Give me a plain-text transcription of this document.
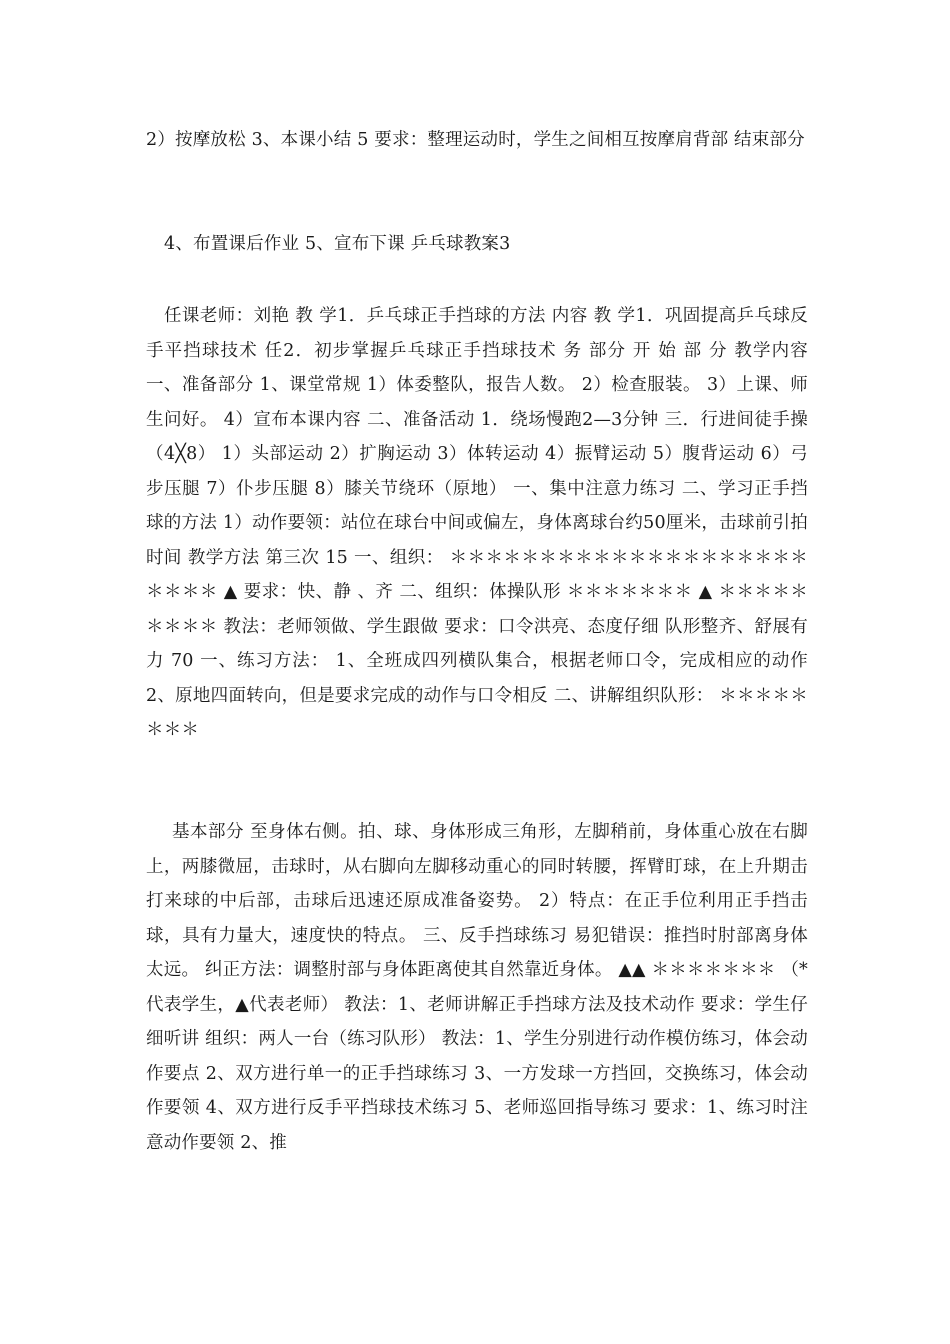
2）按摩放松 3、本课小结 5 要求：整理运动时，学生之间相互按摩肩背部 结束部分

4、布置课后作业 5、宣布下课 乒乓球教案3

任课老师：刘艳 教 学1．乒乓球正手挡球的方法 内容 教 学1．巩固提高乒乓球反手平挡球技术 任2．初步掌握乒乓球正手挡球技术 务 部分 开 始 部 分 教学内容 一、准备部分 1、课堂常规 1）体委整队，报告人数。 2）检查服装。 3）上课、师生问好。 4）宣布本课内容 二、准备活动 1．绕场慢跑2—3分钟 三．行进间徒手操（4╳8） 1）头部运动 2）扩胸运动 3）体转运动 4）振臂运动 5）腹背运动 6）弓步压腿 7）仆步压腿 8）膝关节绕环（原地） 一、集中注意力练习 二、学习正手挡球的方法 1）动作要领：站位在球台中间或偏左，身体离球台约50厘米，击球前引拍时间 教学方法 第三次 15 一、组织： ＊＊＊＊＊＊＊＊＊＊＊＊＊＊＊＊＊＊＊＊＊＊＊＊ ▲ 要求：快、静 、齐 二、组织：体操队形 ＊＊＊＊＊＊＊ ▲ ＊＊＊＊＊＊＊＊＊ 教法：老师领做、学生跟做 要求：口令洪亮、态度仔细 队形整齐、舒展有力 70 一、练习方法： 1、全班成四列横队集合，根据老师口令，完成相应的动作 2、原地四面转向，但是要求完成的动作与口令相反 二、讲解组织队形： ＊＊＊＊＊＊＊＊

基本部分 至身体右侧。拍、球、身体形成三角形，左脚稍前，身体重心放在右脚上，两膝微屈，击球时，从右脚向左脚移动重心的同时转腰，挥臂盯球，在上升期击打来球的中后部，击球后迅速还原成准备姿势。 2）特点：在正手位利用正手挡击球，具有力量大，速度快的特点。 三、反手挡球练习 易犯错误：推挡时肘部离身体太远。 纠正方法：调整肘部与身体距离使其自然靠近身体。 ▲▲ ＊＊＊＊＊＊＊ （*代表学生，▲代表老师） 教法：1、老师讲解正手挡球方法及技术动作 要求：学生仔细听讲 组织：两人一台（练习队形） 教法：1、学生分别进行动作模仿练习，体会动作要点 2、双方进行单一的正手挡球练习 3、一方发球一方挡回，交换练习，体会动作要领 4、双方进行反手平挡球技术练习 5、老师巡回指导练习 要求：1、练习时注意动作要领 2、推
